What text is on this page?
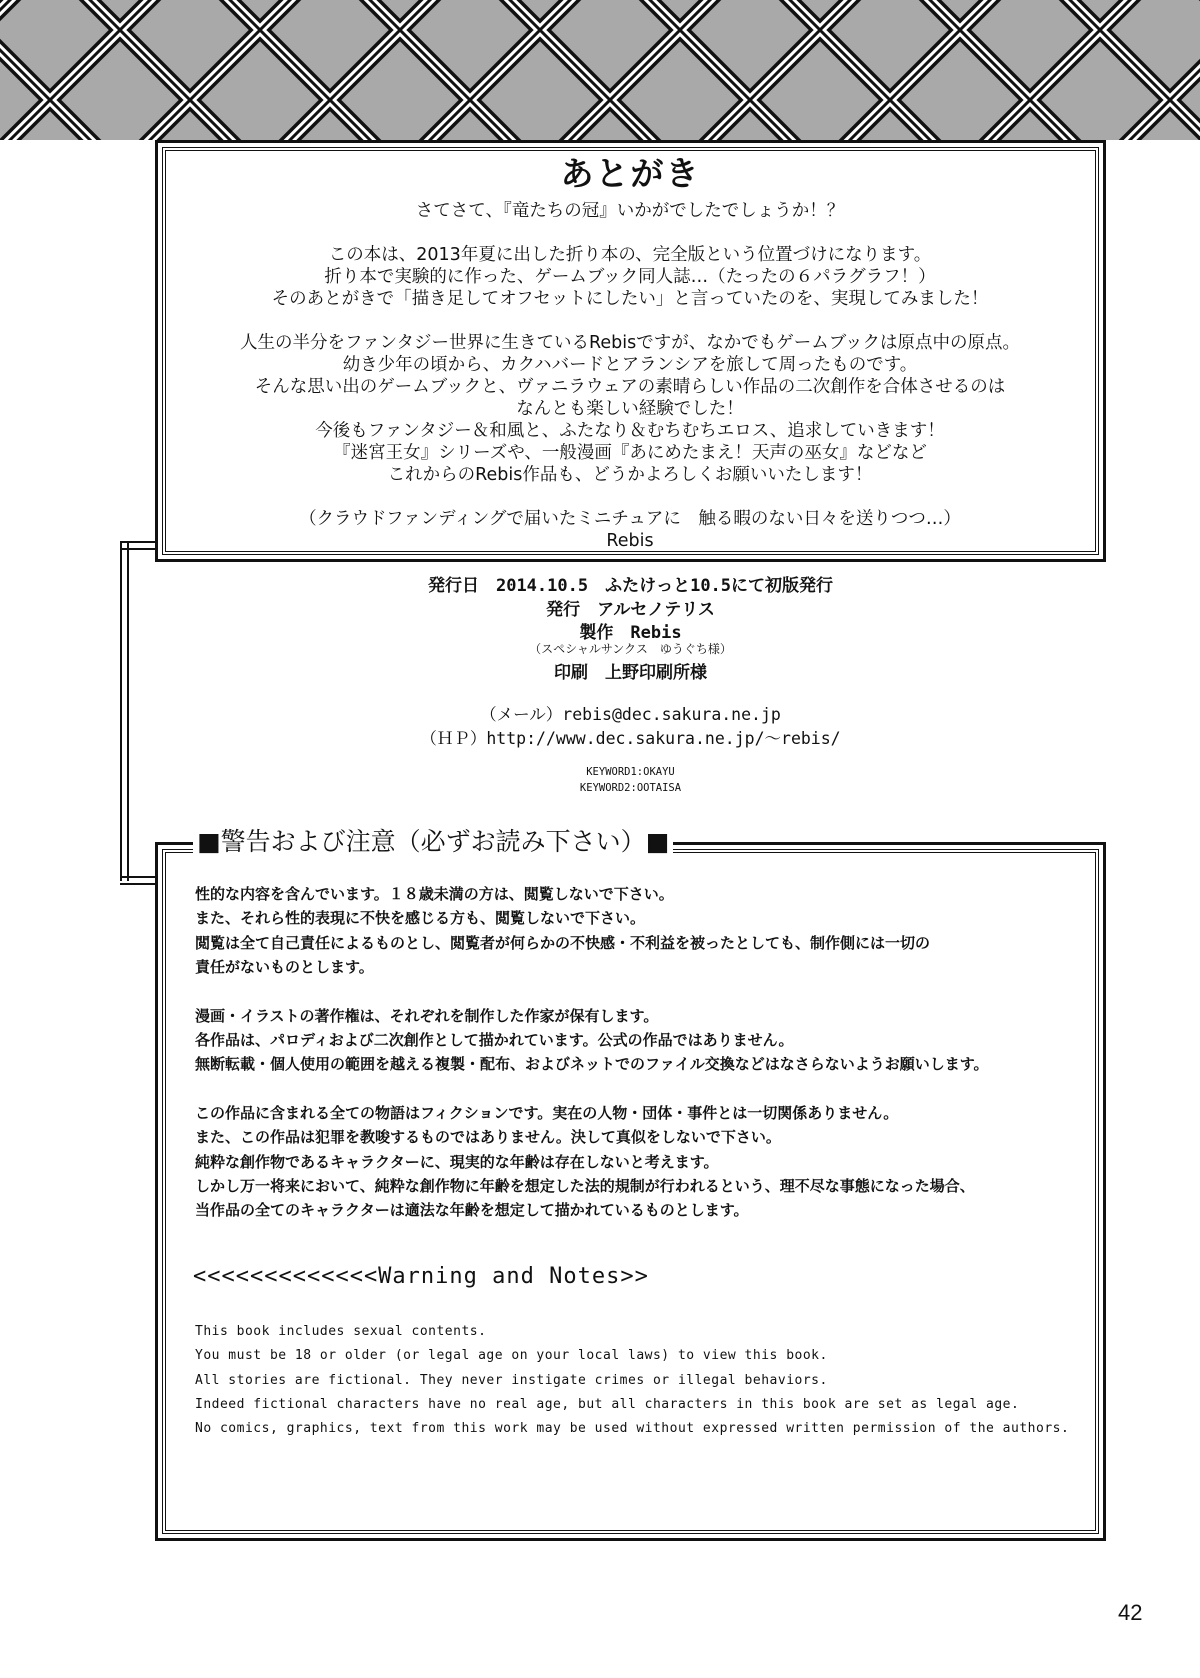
あとがき

さてさて、『竜たちの冠』いかがでしたでしょうか！？

この本は、2013年夏に出した折り本の、完全版という位置づけになります。

折り本で実験的に作った、ゲームブック同人誌…（たったの６パラグラフ！）

そのあとがきで「描き足してオフセットにしたい」と言っていたのを、実現してみました！

人生の半分をファンタジー世界に生きているRebisですが、なかでもゲームブックは原点中の原点。

幼き少年の頃から、カクハバードとアランシアを旅して周ったものです。

そんな思い出のゲームブックと、ヴァニラウェアの素晴らしい作品の二次創作を合体させるのは

なんとも楽しい経験でした！

今後もファンタジー＆和風と、ふたなり＆むちむちエロス、追求していきます！

『迷宮王女』シリーズや、一般漫画『あにめたまえ！天声の巫女』などなど

これからのRebis作品も、どうかよろしくお願いいたします！

（クラウドファンディングで届いたミニチュアに　触る暇のない日々を送りつつ…）

Rebis

発行日　2014.10.5　ふたけっと10.5にて初版発行
発行　アルセノテリス
製作　Rebis
（スペシャルサンクス　ゆうぐち様）
印刷　上野印刷所様
（メール）rebis@dec.sakura.ne.jp
（ＨＰ）http://www.dec.sakura.ne.jp/～rebis/
KEYWORD1:OKAYU
KEYWORD2:OOTAISA
■警告および注意（必ずお読み下さい）■

性的な内容を含んでいます。１８歳未満の方は、閲覧しないで下さい。

また、それら性的表現に不快を感じる方も、閲覧しないで下さい。

閲覧は全て自己責任によるものとし、閲覧者が何らかの不快感・不利益を被ったとしても、制作側には一切の

責任がないものとします。

漫画・イラストの著作権は、それぞれを制作した作家が保有します。

各作品は、パロディおよび二次創作として描かれています。公式の作品ではありません。

無断転載・個人使用の範囲を越える複製・配布、およびネットでのファイル交換などはなさらないようお願いします。

この作品に含まれる全ての物語はフィクションです。実在の人物・団体・事件とは一切関係ありません。

また、この作品は犯罪を教唆するものではありません。決して真似をしないで下さい。

純粋な創作物であるキャラクターに、現実的な年齢は存在しないと考えます。

しかし万一将来において、純粋な創作物に年齢を想定した法的規制が行われるという、理不尽な事態になった場合、

当作品の全てのキャラクターは適法な年齢を想定して描かれているものとします。

<<<<<<<<<<<<<Warning and Notes>>

This book includes sexual contents.

You must be 18 or older (or legal age on your local laws) to view this book.

All stories are fictional. They never instigate crimes or illegal behaviors.

Indeed fictional characters have no real age, but all characters in this book are set as legal age.

No comics, graphics, text from this work may be used without expressed written permission of the authors.

42
